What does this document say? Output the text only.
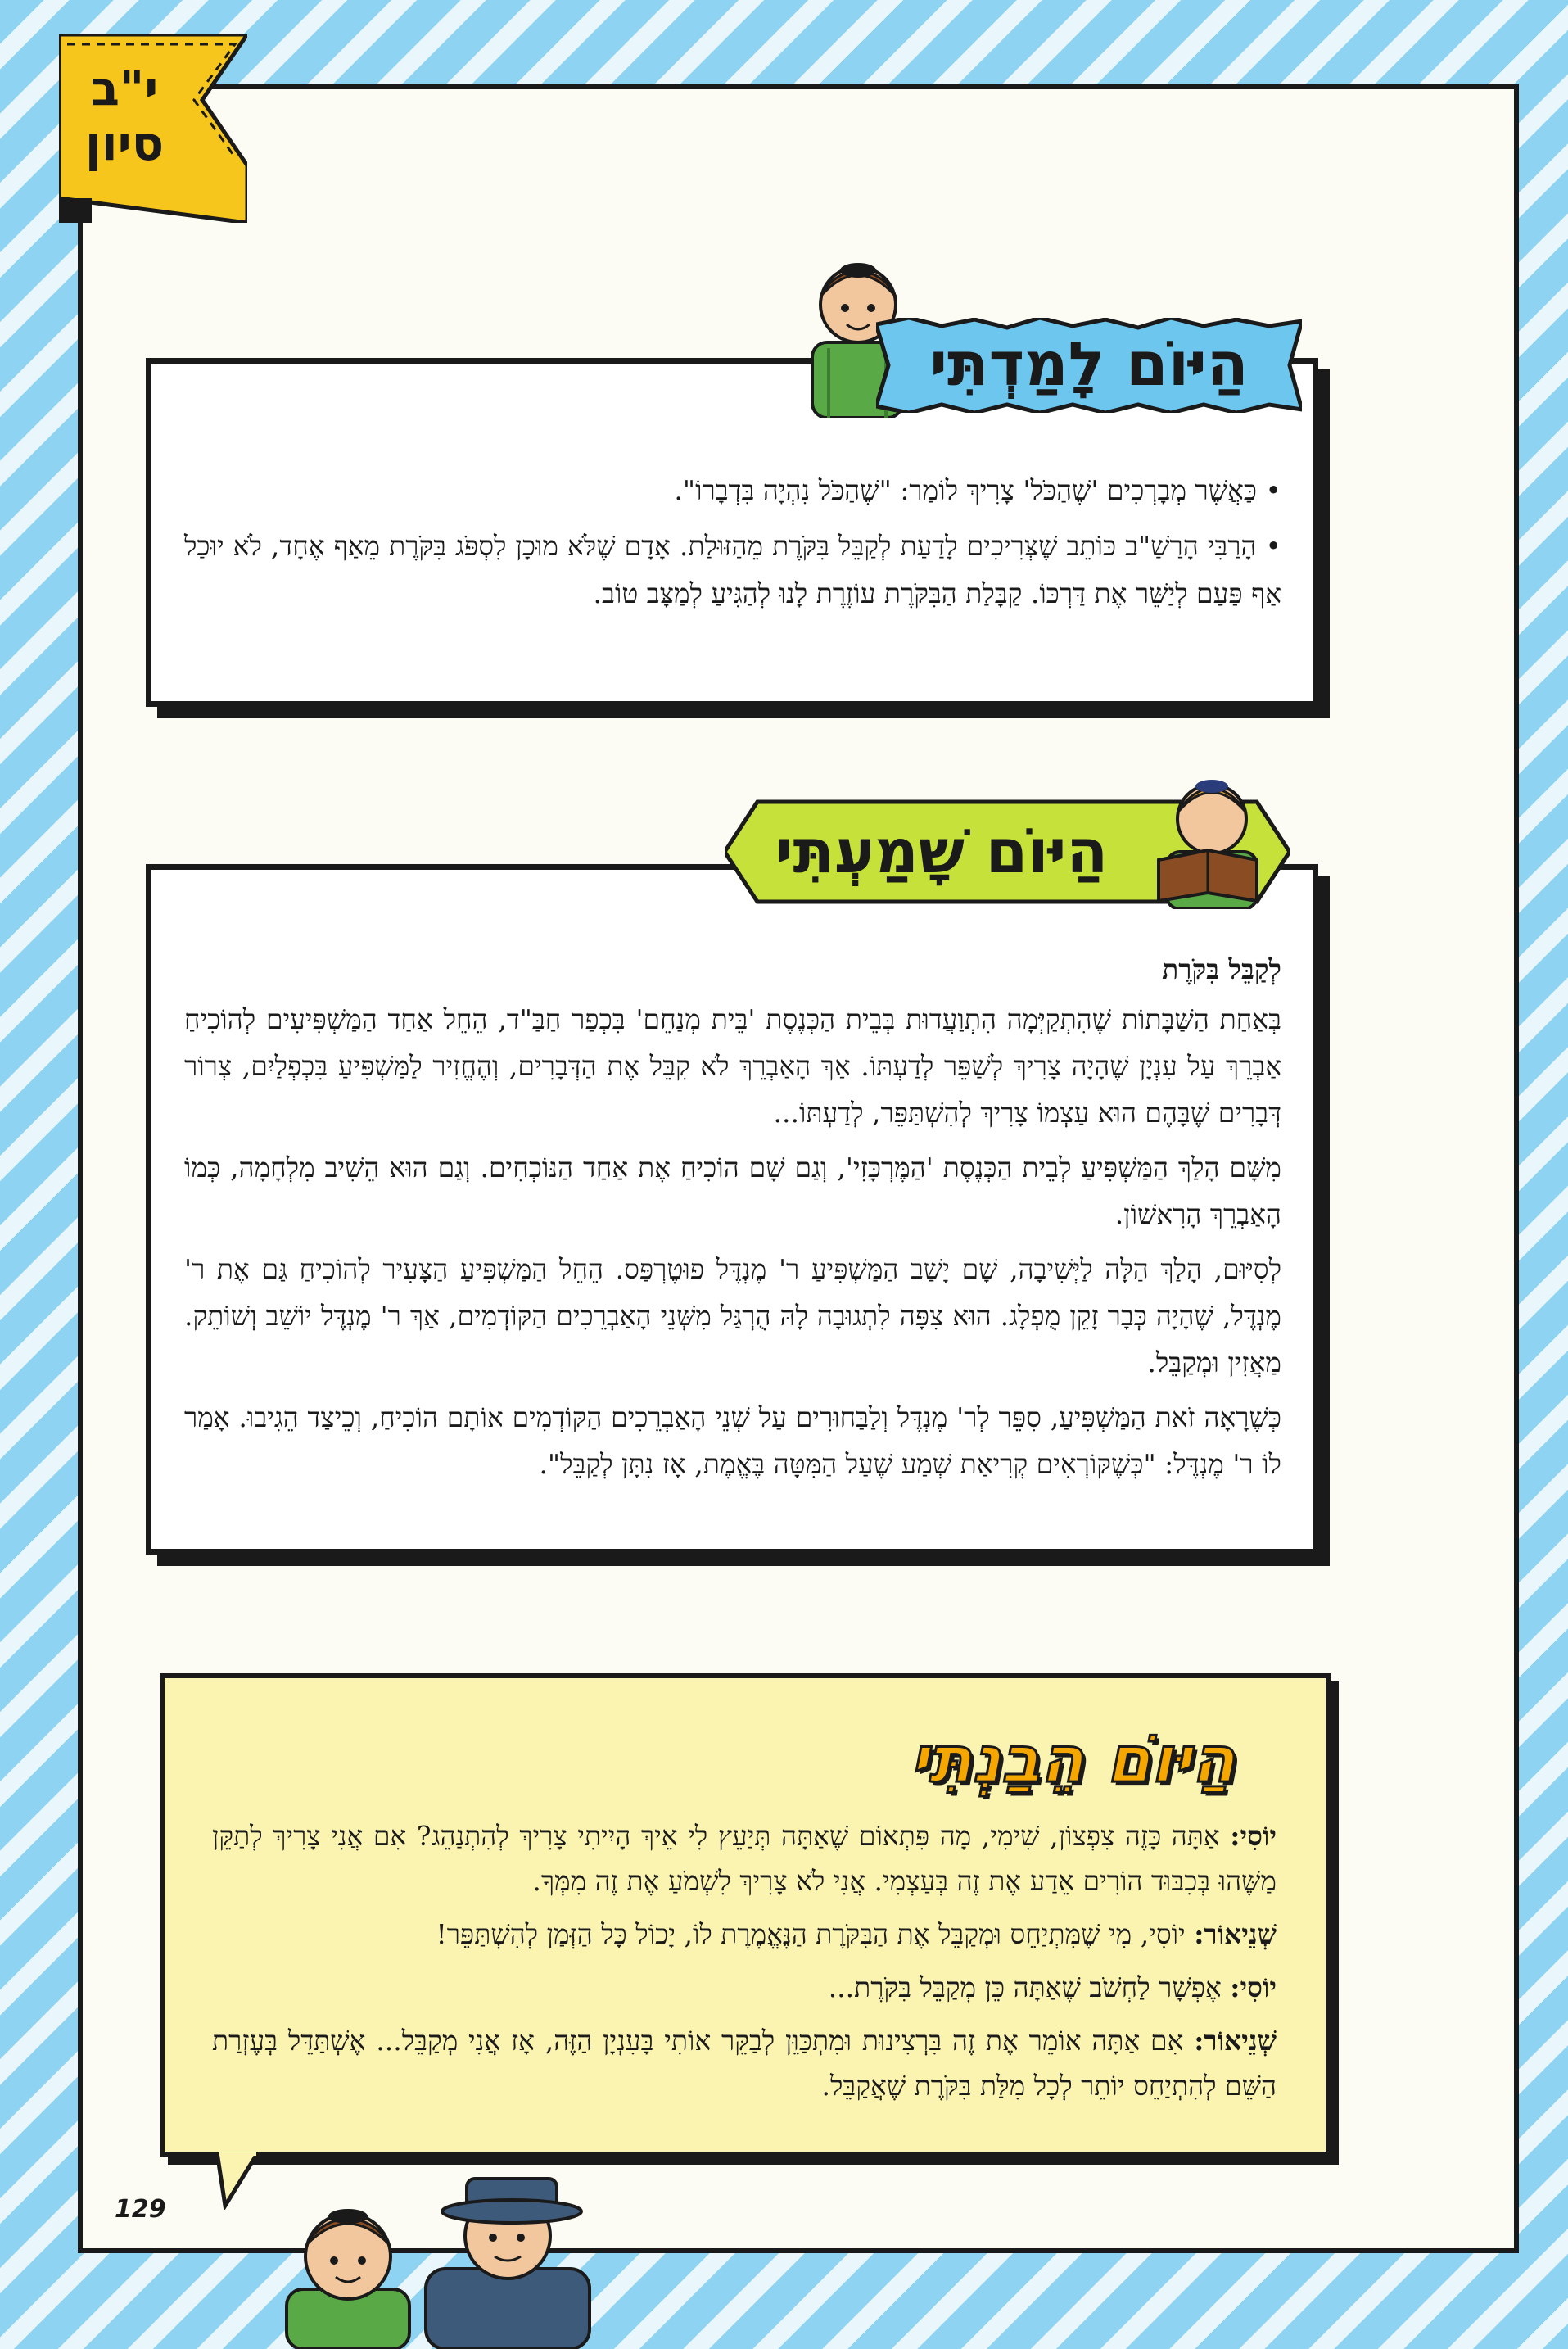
י"ב
סיון
הַיּוֹם לָמַדְתִּי

• כַּאֲשֶׁר מְבָרְכִים 'שֶׁהַכֹּל' צָרִיךְ לוֹמַר: "שֶׁהַכֹּל נִהְיָה בִּדְבָרוֹ".

• הָרַבִּי הָרַשַׁ"ב כּוֹתֵב שֶׁצְּרִיכִים לָדַעַת לְקַבֵּל בִּקֹּרֶת מֵהַזּוּלַת. אָדָם שֶׁלֹּא מוּכָן לִסְפֹּג בִּקֹּרֶת מֵאַף אֶחָד, לֹא יוּכַל אַף פַּעַם לְיַשֵּׁר אֶת דַּרְכּוֹ. קַבָּלַת הַבִּקֹּרֶת עוֹזֶרֶת לָנוּ לְהַגִּיעַ לְמַצָּב טוֹב.

הַיּוֹם שָׁמַעְתִּי

לְקַבֵּל בִּקֹּרֶת

בְּאַחַת הַשַּׁבָּתוֹת שֶׁהִתְקַיְּמָה הִתְוַעֲדוּת בְּבֵית הַכְּנֶסֶת 'בֵּית מְנַחֵם' בִּכְפַר חַבַּ"ד, הֵחֵל אַחַד הַמַּשְׁפִּיעִים לְהוֹכִיחַ אַבְרֵךְ עַל עִנְיָן שֶׁהָיָה צָרִיךְ לְשַׁפֵּר לְדַעְתּוֹ. אַךְ הָאַבְרֵךְ לֹא קִבֵּל אֶת הַדְּבָרִים, וְהֶחֱזִיר לַמַּשְׁפִּיעַ בִּכְפְלַיִם, צְרוֹר דְּבָרִים שֶׁבָּהֶם הוּא עַצְמוֹ צָרִיךְ לְהִשְׁתַּפֵּר, לְדַעְתּוֹ...

מִשָּׁם הָלַךְ הַמַּשְׁפִּיעַ לְבֵית הַכְּנֶסֶת 'הַמֶּרְכָּזִי', וְגַם שָׁם הוֹכִיחַ אֶת אַחַד הַנּוֹכְחִים. וְגַם הוּא הֵשִׁיב מִלְחָמָה, כְּמוֹ הָאַבְרֵךְ הָרִאשׁוֹן.

לְסִיּוּם, הָלַךְ הַלָּה לַיְּשִׁיבָה, שָׁם יָשַׁב הַמַּשְׁפִּיעַ ר' מֶנְדֶּל פוּטֶרְפַּס. הֵחֵל הַמַּשְׁפִּיעַ הַצָּעִיר לְהוֹכִיחַ גַּם אֶת ר' מֶנְדֶּל, שֶׁהָיָה כְּבָר זָקֵן מֻפְלָג. הוּא צִפָּה לִתְגוּבָה לָהּ הֻרְגַּל מִשְּׁנֵי הָאַבְרֵכִים הַקּוֹדְמִים, אַךְ ר' מֶנְדֶּל יוֹשֵׁב וְשׁוֹתֵק. מַאֲזִין וּמְקַבֵּל.

כְּשֶׁרָאָה זֹאת הַמַּשְׁפִּיעַ, סִפֵּר לְר' מֶנְדֶּל וְלַבַּחוּרִים עַל שְׁנֵי הָאַבְרֵכִים הַקּוֹדְמִים אוֹתָם הוֹכִיחַ, וְכֵיצַד הֵגִיבוּ. אָמַר לוֹ ר' מֶנְדֶּל: "כְּשֶׁקּוֹרְאִים קְרִיאַת שְׁמַע שֶׁעַל הַמִּטָּה בֶּאֱמֶת, אָז נִתָּן לְקַבֵּל".

הַיּוֹם הֵבַנְתִּי

יוֹסִי: אַתָּה כָּזֶה צִפְצוֹן, שִׁימִי, מָה פִּתְאוֹם שֶׁאַתָּה תְּיַעֵץ לִי אֵיךְ הָיִיתִי צָרִיךְ לְהִתְנַהֵג? אִם אֲנִי צָרִיךְ לְתַקֵּן מַשֶּׁהוּ בְּכִבּוּד הוֹרִים אֵדַע אֶת זֶה בְּעַצְמִי. אֲנִי לֹא צָרִיךְ לִשְׁמֹעַ אֶת זֶה מִמְּךָ.

שְׁנֵיאוֹר: יוֹסִי, מִי שֶׁמִּתְיַחֵס וּמְקַבֵּל אֶת הַבִּקֹּרֶת הַנֶּאֱמֶרֶת לוֹ, יָכוֹל כָּל הַזְּמַן לְהִשְׁתַּפֵּר!

יוֹסִי: אֶפְשָׁר לַחְשֹׁב שֶׁאַתָּה כֵּן מְקַבֵּל בִּקֹּרֶת...

שְׁנֵיאוֹר: אִם אַתָּה אוֹמֵר אֶת זֶה בִּרְצִינוּת וּמִתְכַּוֵּן לְבַקֵּר אוֹתִי בָּעִנְיָן הַזֶּה, אָז אֲנִי מְקַבֵּל... אֶשְׁתַּדֵּל בְּעֶזְרַת הַשֵּׁם לְהִתְיַחֵס יוֹתֵר לְכָל מִלַּת בִּקֹּרֶת שֶׁאֲקַבֵּל.

129
